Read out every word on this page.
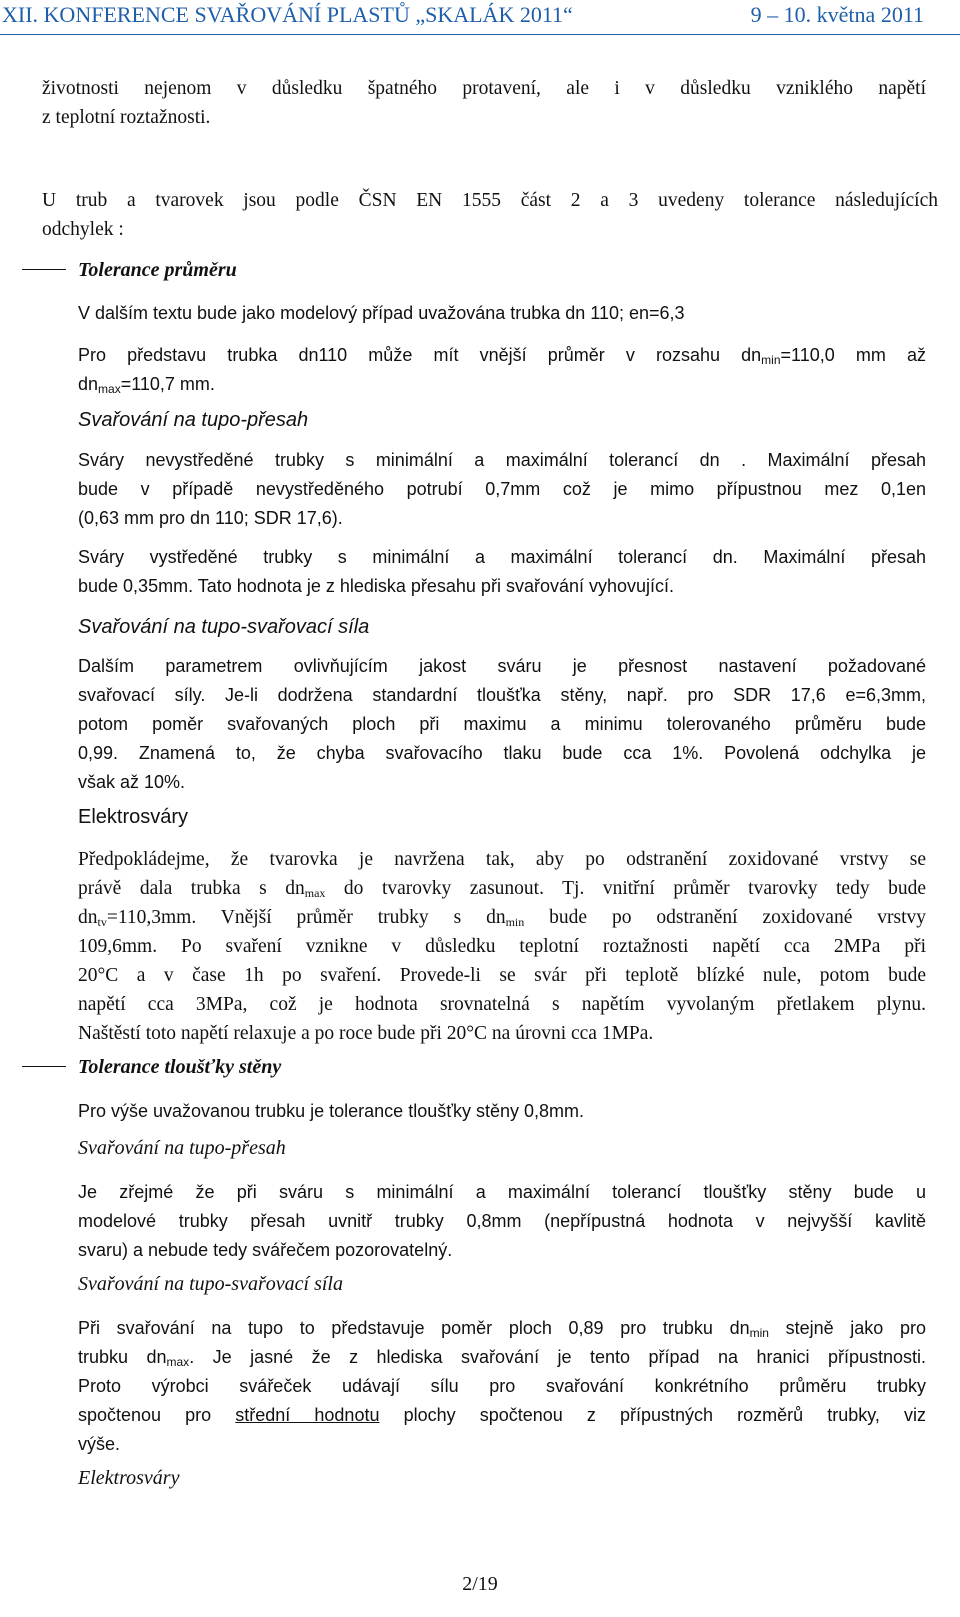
XII. KONFERENCE SVAŘOVÁNÍ PLASTŮ „SKALÁK 2011“	9 – 10. května 2011
životnosti nejenom v důsledku špatného protavení, ale i v důsledku vzniklého napětí
z teplotní roztažnosti.
U trub a tvarovek jsou podle ČSN EN 1555 část 2 a 3 uvedeny tolerance následujících
odchylek :
Tolerance průměru
V dalším textu bude jako modelový případ uvažována trubka dn 110; en=6,3
Pro představu trubka dn110 může mít vnější průměr v rozsahu $dn_{min}=110,0$ mm až
$dn_{max}=110,7$ mm.
Svařování na tupo-přesah
Sváry nevystředěné trubky s minimální a maximální tolerancí dn . Maximální přesah
bude v případě nevystředěného potrubí 0,7mm což je mimo přípustnou mez 0,1en
(0,63 mm pro dn 110; SDR 17,6).
Sváry vystředěné trubky s minimální a maximální tolerancí dn. Maximální přesah
bude 0,35mm. Tato hodnota je z hlediska přesahu při svařování vyhovující.
Svařování na tupo-svařovací síla
Dalším parametrem ovlivňujícím jakost sváru je přesnost nastavení požadované
svařovací síly. Je-li dodržena standardní tloušťka stěny, např. pro SDR 17,6 e=6,3mm,
potom poměr svařovaných ploch při maximu a minimu tolerovaného průměru bude
0,99. Znamená to, že chyba svařovacího tlaku bude cca 1%. Povolená odchylka je
však až 10%.
Elektrosváry
Předpokládejme, že tvarovka je navržena tak, aby po odstranění zoxidované vrstvy se
právě dala trubka s $dn_{max}$ do tvarovky zasunout. Tj. vnitřní průměr tvarovky tedy bude
$dn_{tv}=110,3mm$. Vnější průměr trubky s $dn_{min}$ bude po odstranění zoxidované vrstvy
109,6mm. Po svaření vznikne v důsledku teplotní roztažnosti napětí cca 2MPa při
20°C a v čase 1h po svaření. Provede-li se svár při teplotě blízké nule, potom bude
napětí cca 3MPa, což je hodnota srovnatelná s napětím vyvolaným přetlakem plynu.
Naštěstí toto napětí relaxuje a po roce bude při 20°C na úrovni cca 1MPa.
Tolerance tloušťky stěny
Pro výše uvažovanou trubku je tolerance tloušťky stěny 0,8mm.
Svařování na tupo-přesah
Je zřejmé že při sváru s minimální a maximální tolerancí tloušťky stěny bude u
modelové trubky přesah uvnitř trubky 0,8mm (nepřípustná hodnota v nejvyšší kavlitě
svaru) a nebude tedy svářečem pozorovatelný.
Svařování na tupo-svařovací síla
Při svařování na tupo to představuje poměr ploch 0,89 pro trubku $dn_{min}$ stejně jako pro
trubku $dn_{max}$. Je jasné že z hlediska svařování je tento případ na hranici přípustnosti.
Proto výrobci svářeček udávají sílu pro svařování konkrétního průměru trubky
spočtenou pro střední hodnotu plochy spočtenou z přípustných rozměrů trubky, viz
výše.
Elektrosváry
2/19
